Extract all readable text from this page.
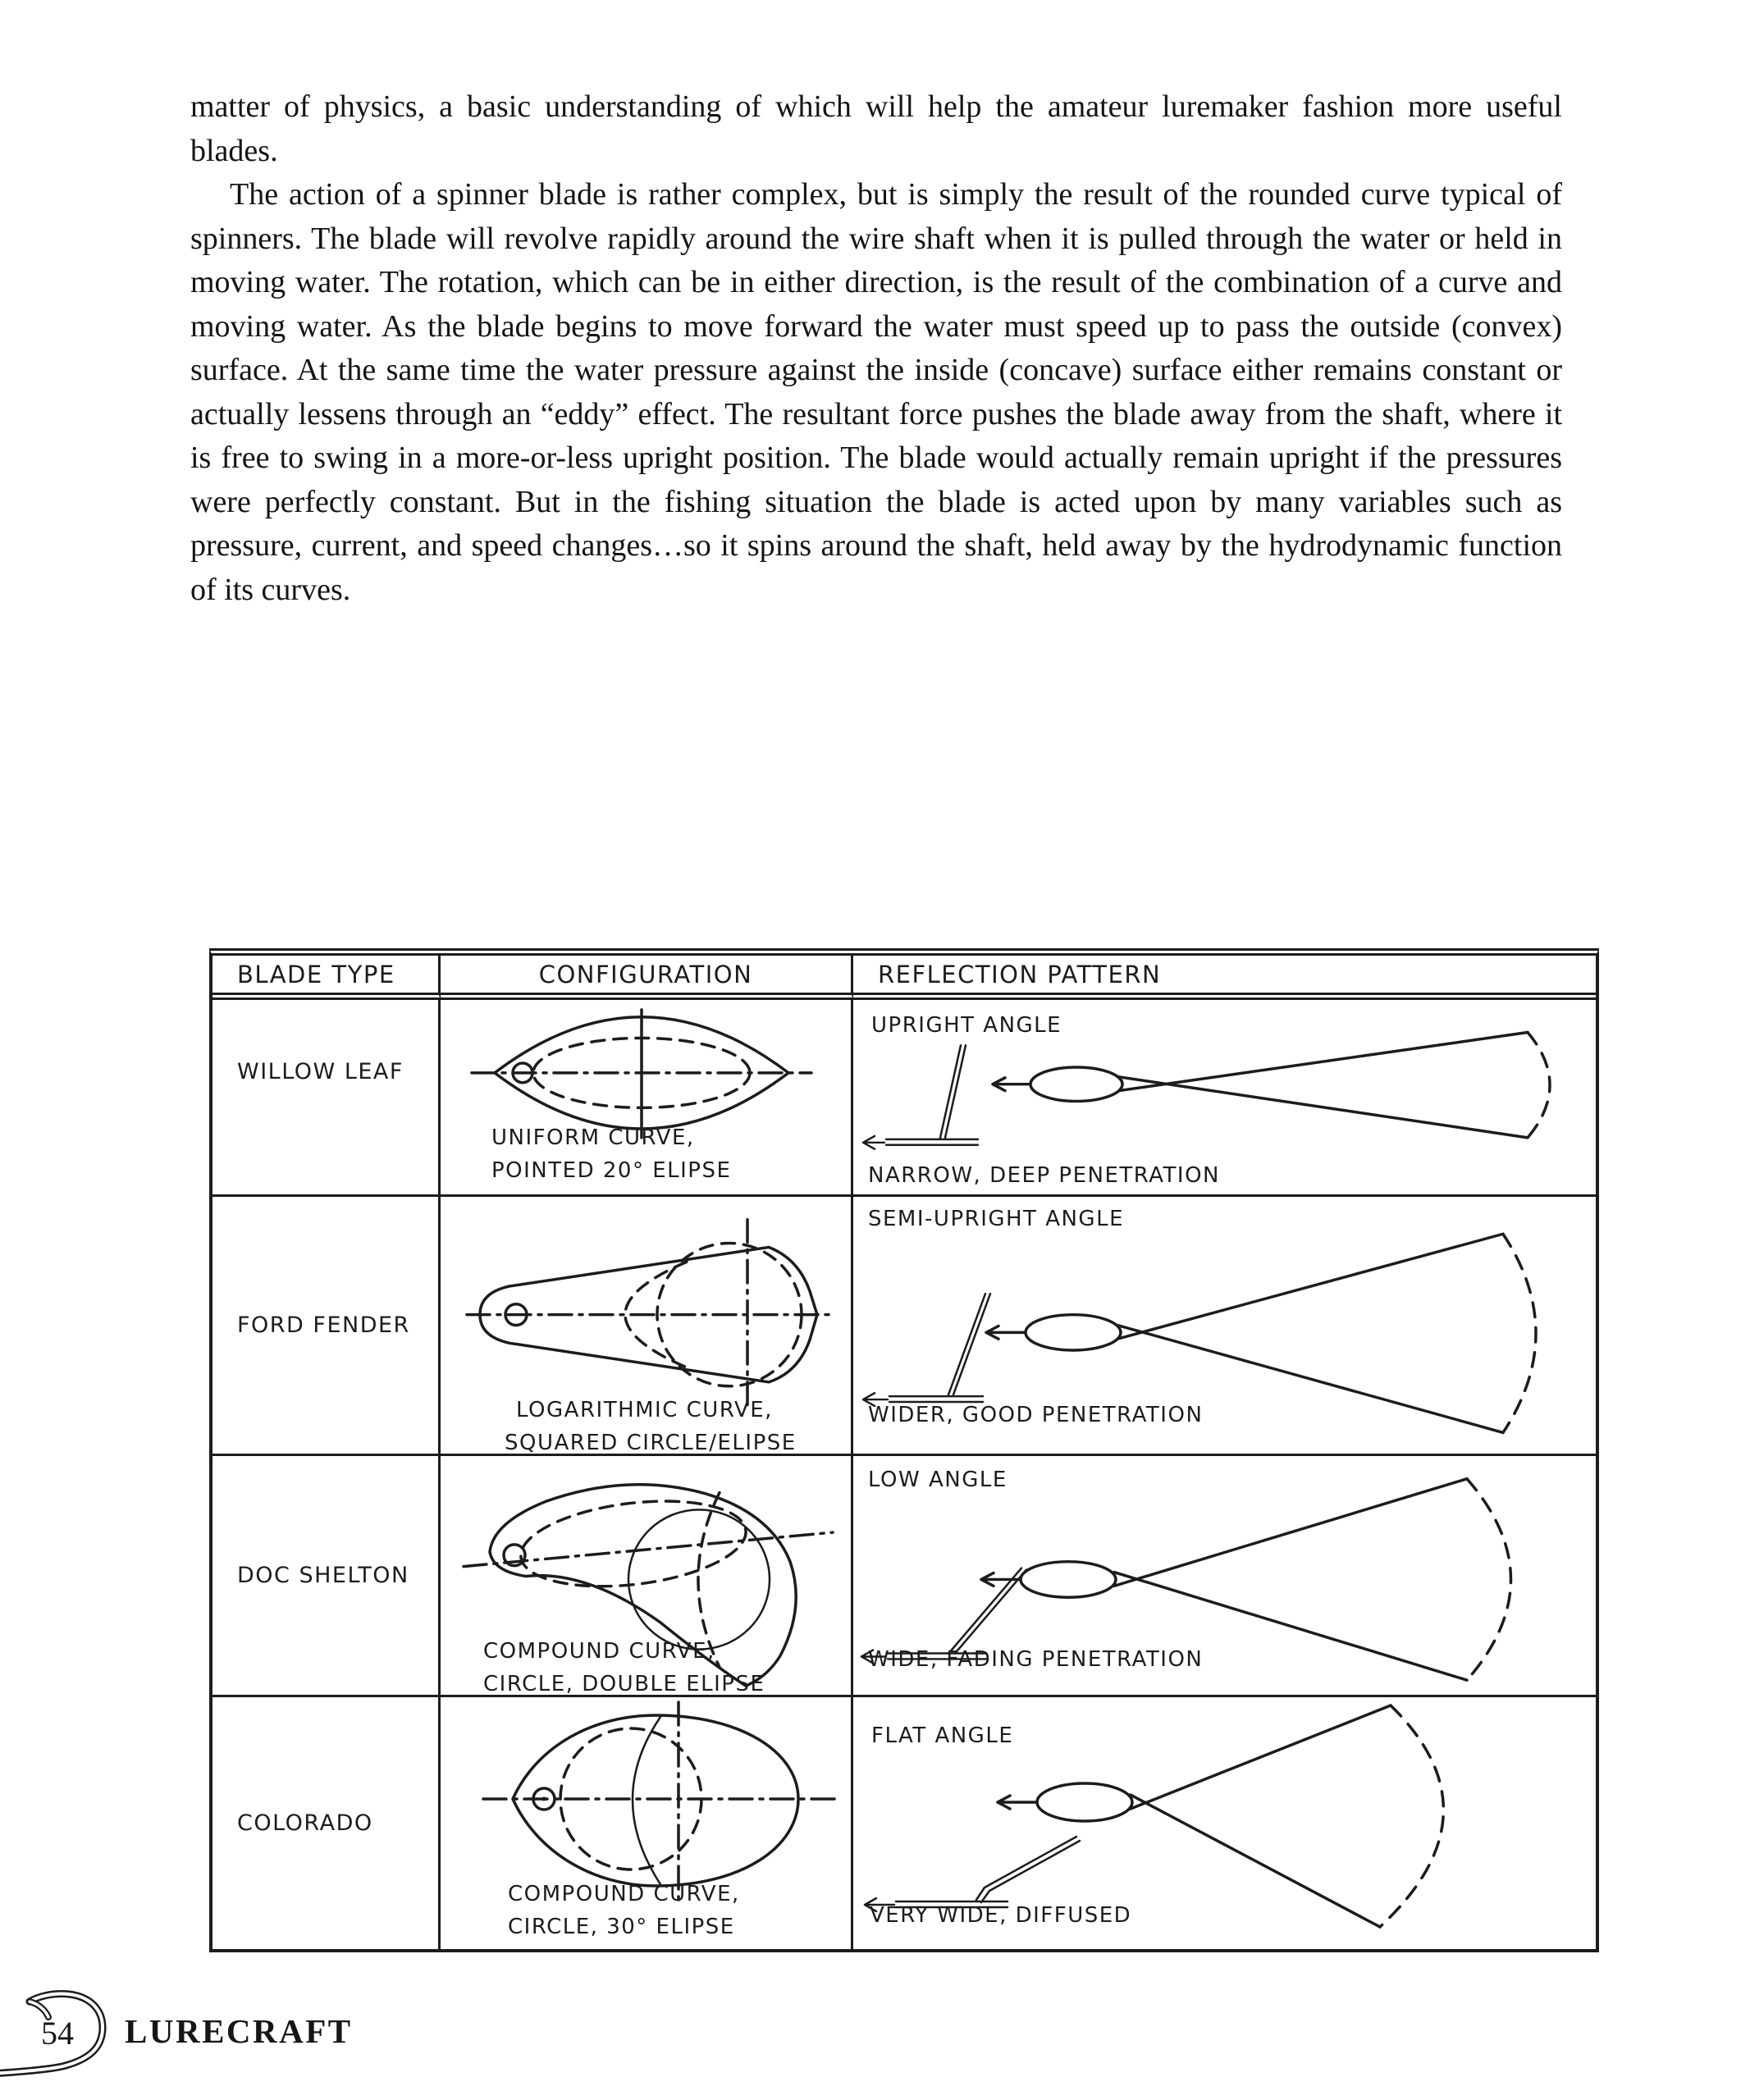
matter of physics, a basic understanding of which will help the amateur luremaker fashion more useful blades.

The action of a spinner blade is rather complex, but is simply the result of the rounded curve typical of spinners. The blade will revolve rapidly around the wire shaft when it is pulled through the water or held in moving water. The rotation, which can be in either direction, is the result of the combination of a curve and moving water. As the blade begins to move forward the water must speed up to pass the outside (convex) surface. At the same time the water pressure against the inside (concave) surface either remains constant or actually lessens through an “eddy” effect. The resultant force pushes the blade away from the shaft, where it is free to swing in a more-or-less upright position. The blade would actually remain upright if the pressures were perfectly constant. But in the fishing situation the blade is acted upon by many variables such as pressure, current, and speed changes…so it spins around the shaft, held away by the hydrodynamic function of its curves.

BLADE TYPE	CONFIGURATION	REFLECTION PATTERN
WILLOW LEAF
UNIFORM CURVE,
POINTED 20° ELIPSE
UPRIGHT ANGLE
NARROW, DEEP PENETRATION
FORD FENDER
LOGARITHMIC CURVE,
SQUARED CIRCLE/ELIPSE
SEMI-UPRIGHT ANGLE
WIDER, GOOD PENETRATION
DOC SHELTON
COMPOUND CURVE,
CIRCLE, DOUBLE ELIPSE
LOW ANGLE
WIDE, FADING PENETRATION
COLORADO
COMPOUND CURVE,
CIRCLE, 30° ELIPSE
FLAT ANGLE
VERY WIDE, DIFFUSED
54 LURECRAFT
